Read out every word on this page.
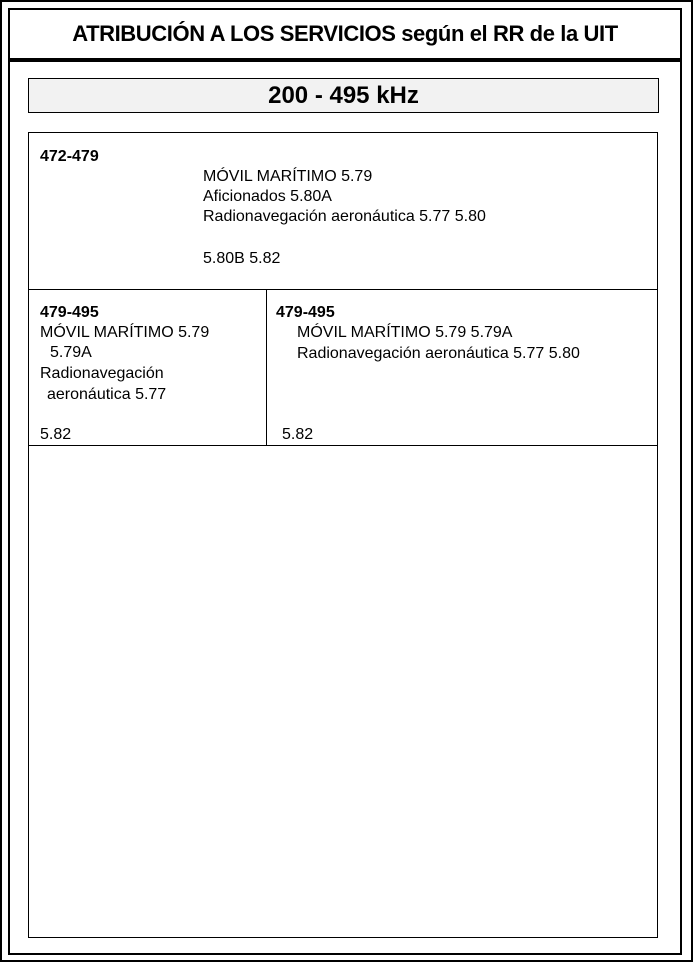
ATRIBUCIÓN A LOS SERVICIOS según el RR de la UIT
200 - 495 kHz
472-479
MÓVIL MARÍTIMO 5.79
Aficionados 5.80A
Radionavegación aeronáutica 5.77 5.80
5.80B 5.82
479-495
MÓVIL MARÍTIMO 5.79
5.79A
Radionavegación
aeronáutica 5.77
5.82
479-495
MÓVIL MARÍTIMO 5.79 5.79A
Radionavegación aeronáutica 5.77 5.80
5.82
